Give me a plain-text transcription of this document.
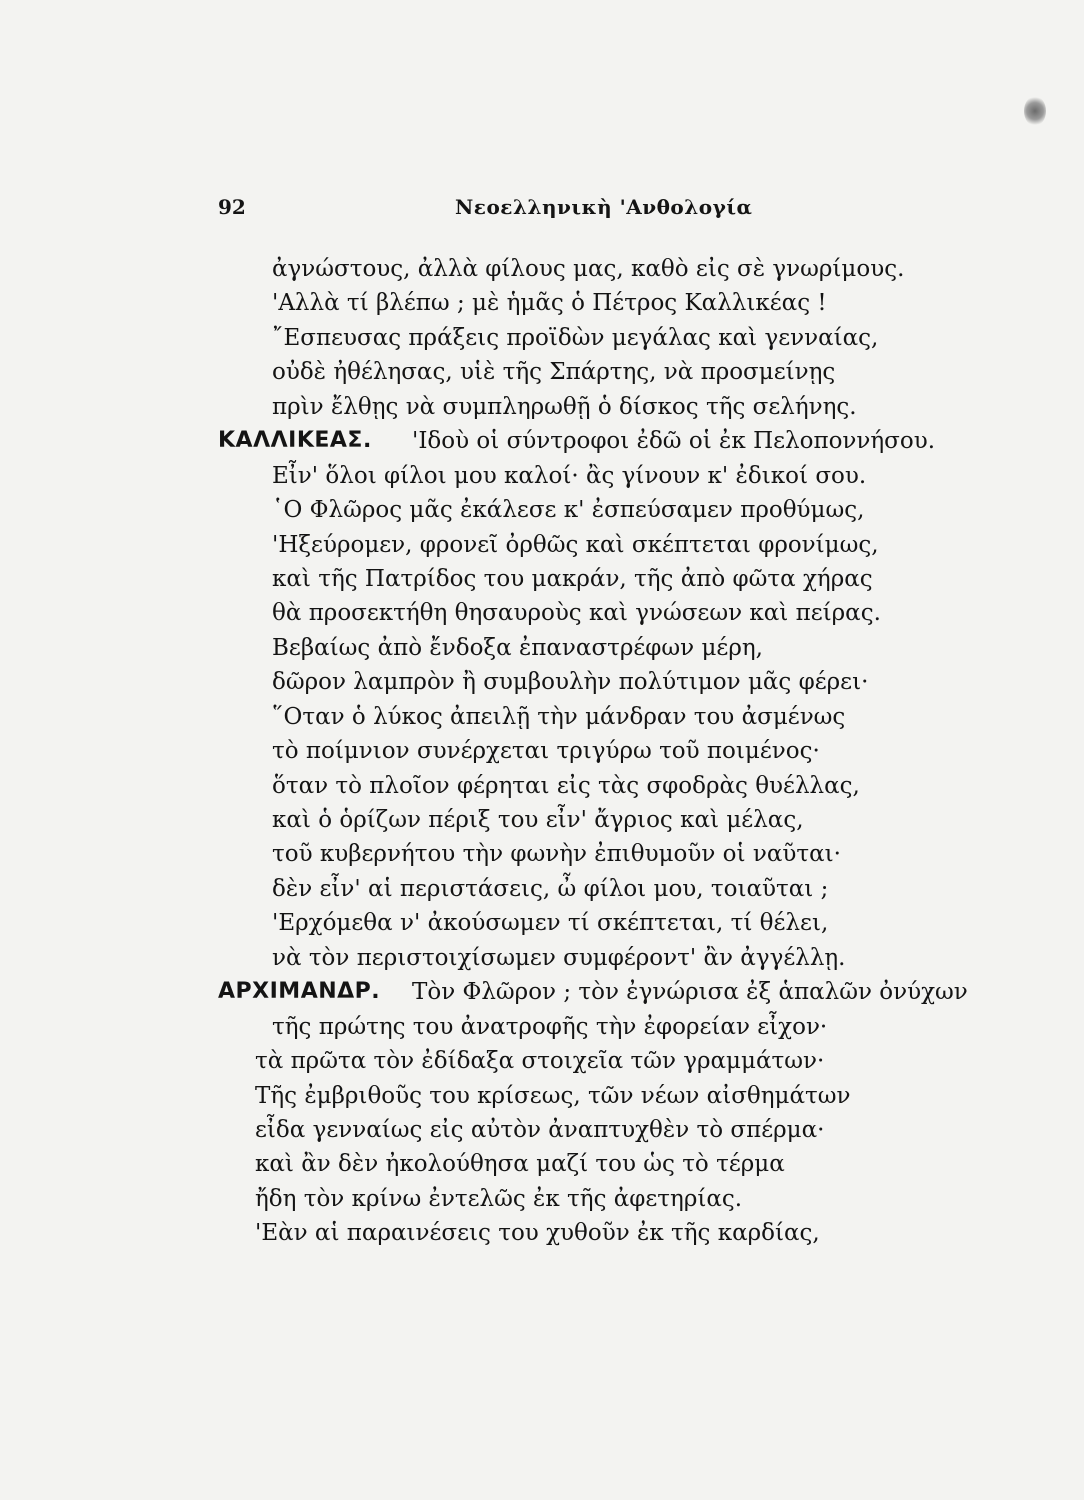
92	Νεοελληνικὴ 'Ανθολογία
ἀγνώστους, ἀλλὰ φίλους μας, καθὸ εἰς σὲ γνωρίμους.
'Αλλὰ τί βλέπω ; μὲ ἡμᾶς ὁ Πέτρος Καλλικέας !
῎Εσπευσας πράξεις προϊδὼν μεγάλας καὶ γενναίας,
οὐδὲ ἠθέλησας, υἱὲ τῆς Σπάρτης, νὰ προσμείνῃς
πρὶν ἔλθῃς νὰ συμπληρωθῇ ὁ δίσκος τῆς σελήνης.
ΚΑΛΛΙΚΕΑΣ. 'Ιδοὺ οἱ σύντροφοι ἐδῶ οἱ ἐκ Πελοποννήσου.
Εἶν' ὅλοι φίλοι μου καλοί· ἂς γίνουν κ' ἐδικοί σου.
῾Ο Φλῶρος μᾶς ἐκάλεσε κ' ἐσπεύσαμεν προθύμως,
'Ηξεύρομεν, φρονεῖ ὀρθῶς καὶ σκέπτεται φρονίμως,
καὶ τῆς Πατρίδος του μακράν, τῆς ἀπὸ φῶτα χήρας
θὰ προσεκτήθη θησαυροὺς καὶ γνώσεων καὶ πείρας.
Βεβαίως ἀπὸ ἔνδοξα ἐπαναστρέφων μέρη,
δῶρον λαμπρὸν ἢ συμβουλὴν πολύτιμον μᾶς φέρει·
῞Οταν ὁ λύκος ἀπειλῇ τὴν μάνδραν του ἀσμένως
τὸ ποίμνιον συνέρχεται τριγύρω τοῦ ποιμένος·
ὅταν τὸ πλοῖον φέρηται εἰς τὰς σφοδρὰς θυέλλας,
καὶ ὁ ὁρίζων πέριξ του εἶν' ἄγριος καὶ μέλας,
τοῦ κυβερνήτου τὴν φωνὴν ἐπιθυμοῦν οἱ ναῦται·
δὲν εἶν' αἱ περιστάσεις, ὦ φίλοι μου, τοιαῦται ;
'Ερχόμεθα ν' ἀκούσωμεν τί σκέπτεται, τί θέλει,
νὰ τὸν περιστοιχίσωμεν συμφέροντ' ἂν ἀγγέλλῃ.
ΑΡΧΙΜΑΝΔΡ. Τὸν Φλῶρον ; τὸν ἐγνώρισα ἐξ ἁπαλῶν ὀνύχων
τῆς πρώτης του ἀνατροφῆς τὴν ἐφορείαν εἶχον·
τὰ πρῶτα τὸν ἐδίδαξα στοιχεῖα τῶν γραμμάτων·
Τῆς ἐμβριθοῦς του κρίσεως, τῶν νέων αἰσθημάτων
εἶδα γενναίως εἰς αὐτὸν ἀναπτυχθὲν τὸ σπέρμα·
καὶ ἂν δὲν ἠκολούθησα μαζί του ὡς τὸ τέρμα
ἤδη τὸν κρίνω ἐντελῶς ἐκ τῆς ἀφετηρίας.
'Εὰν αἱ παραινέσεις του χυθοῦν ἐκ τῆς καρδίας,
